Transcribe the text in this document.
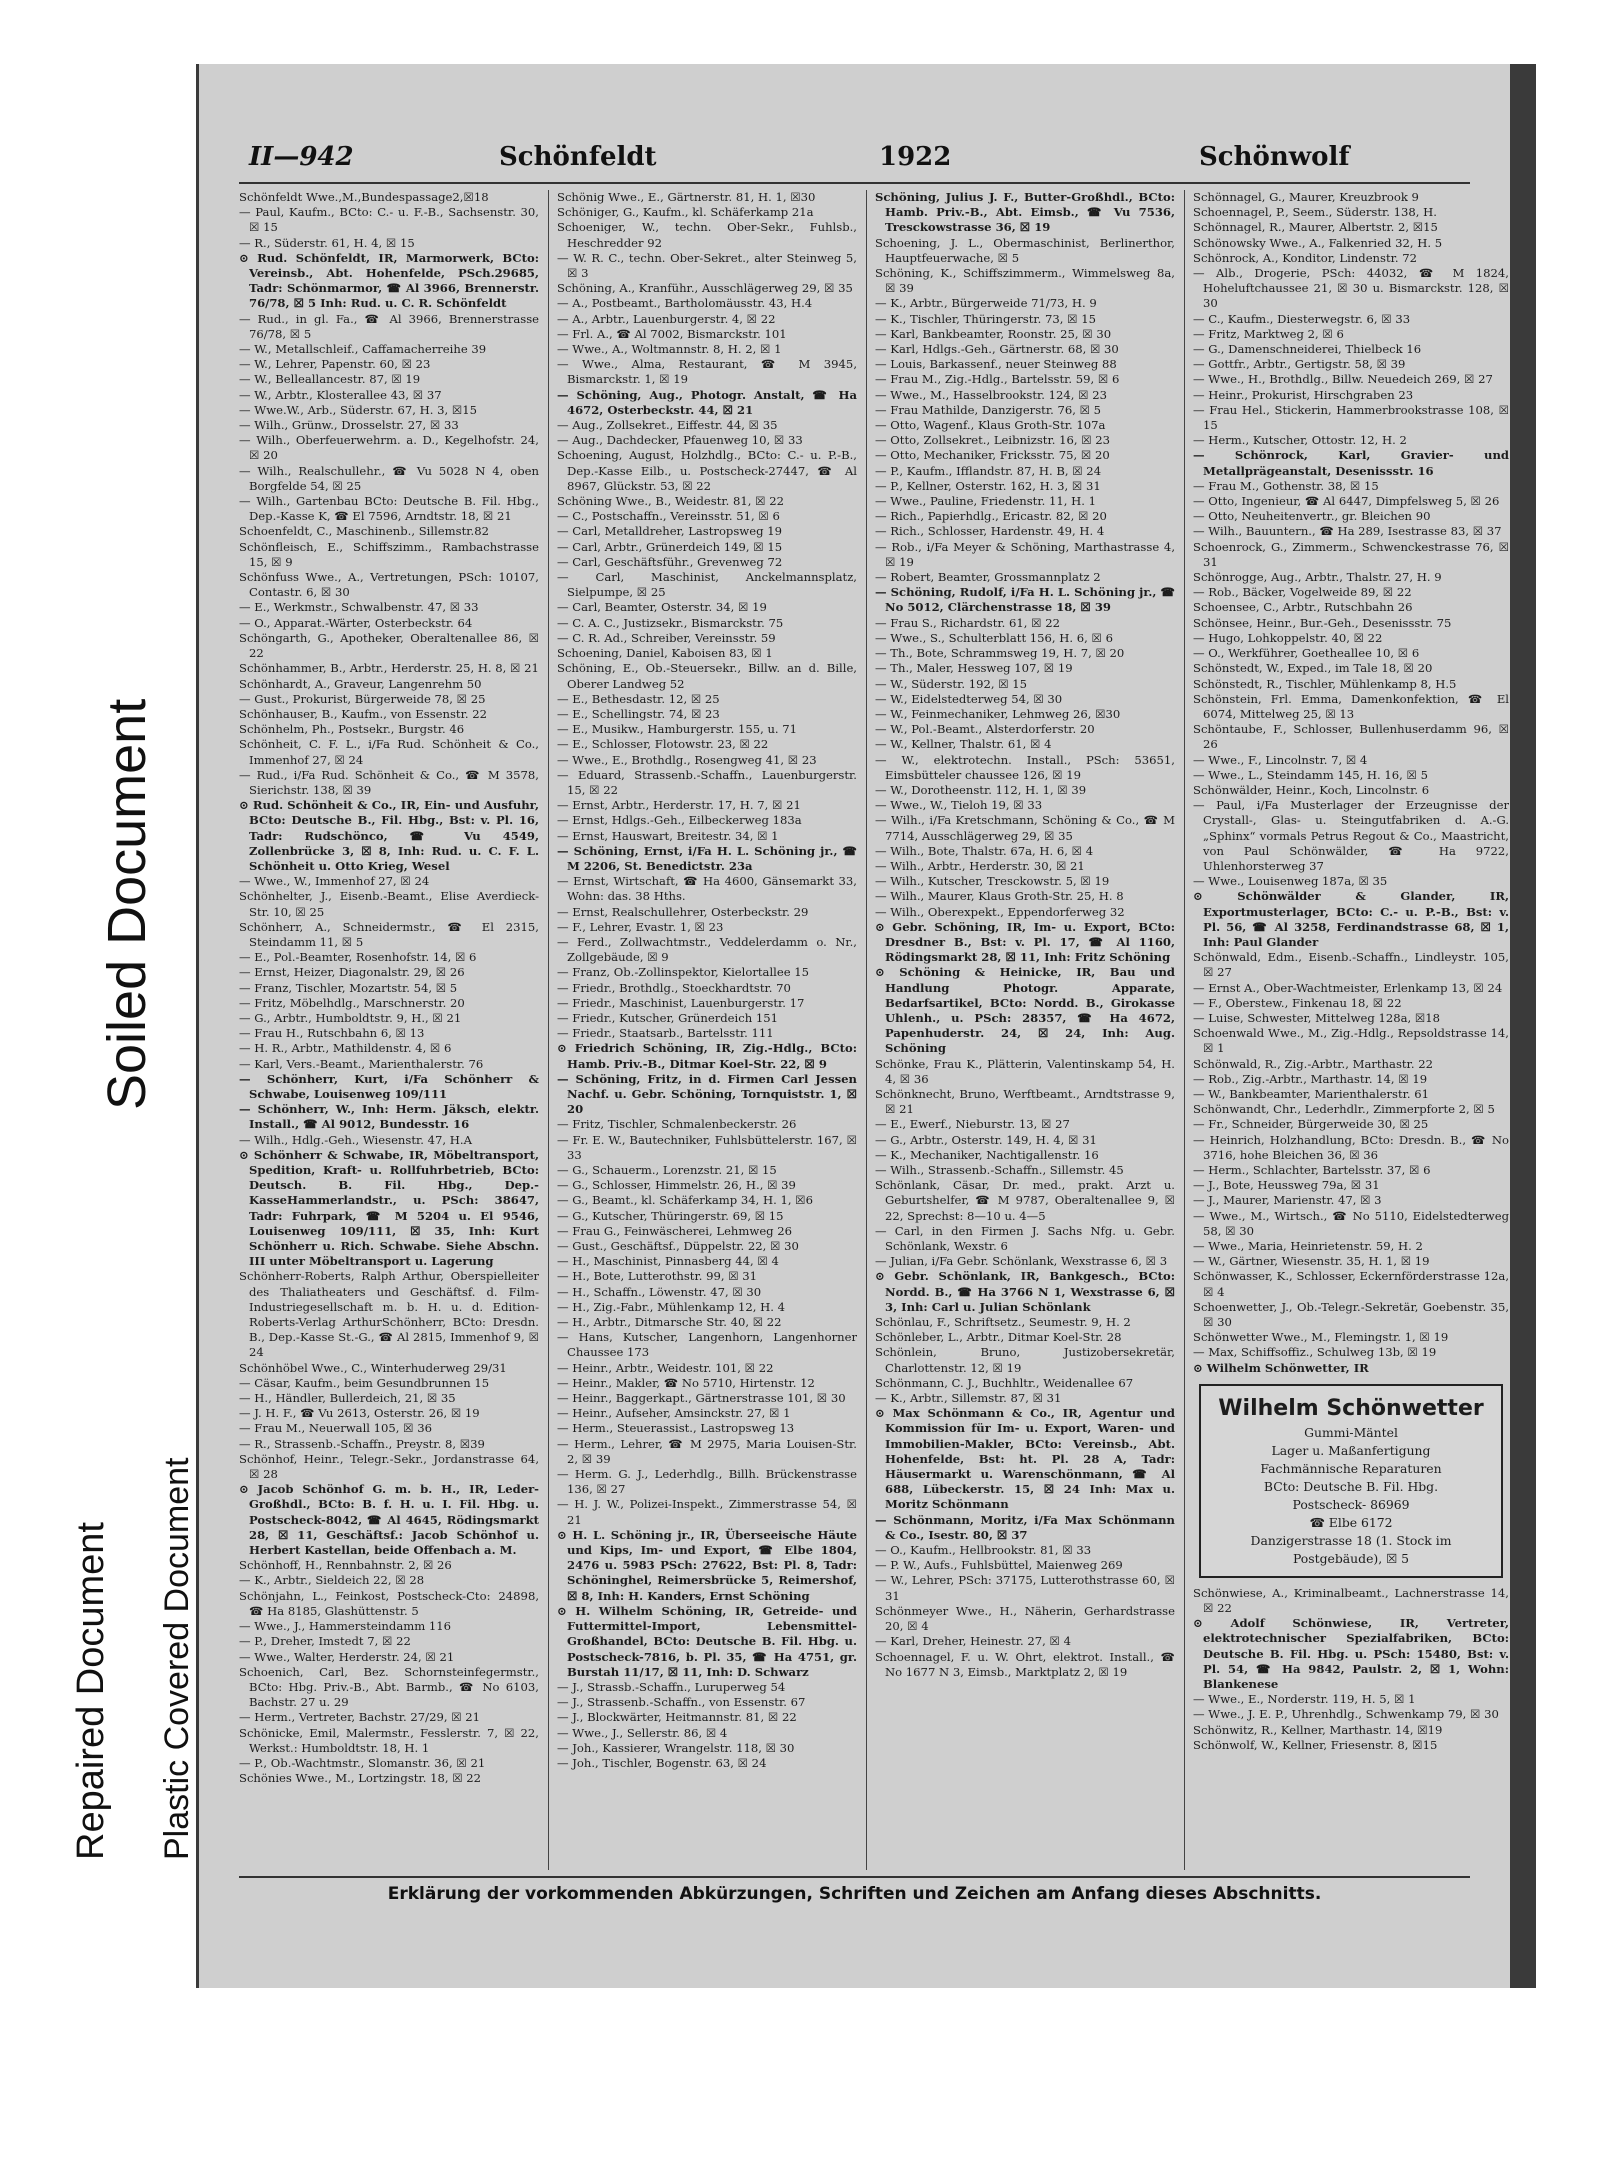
Soiled Document
Repaired Document Plastic Covered Document
II—942	Schönfeldt	1922	Schönwolf

Schönfeldt Wwe.,M.,Bundespassage2,☒18

— Paul, Kaufm., BCto: C.- u. F.-B., Sachsenstr. 30, ☒ 15

— R., Süderstr. 61, H. 4, ☒ 15

⊙ Rud. Schönfeldt, IR, Marmorwerk, BCto: Vereinsb., Abt. Hohenfelde, PSch.29685, Tadr: Schönmarmor, ☎ Al 3966, Brennerstr. 76/78, ☒ 5 Inh: Rud. u. C. R. Schönfeldt

— Rud., in gl. Fa., ☎ Al 3966, Brennerstrasse 76/78, ☒ 5

— W., Metallschleif., Caffamacherreihe 39

— W., Lehrer, Papenstr. 60, ☒ 23

— W., Belleallancestr. 87, ☒ 19

— W., Arbtr., Klosterallee 43, ☒ 37

— Wwe.W., Arb., Süderstr. 67, H. 3, ☒15

— Wilh., Grünw., Drosselstr. 27, ☒ 33

— Wilh., Oberfeuerwehrm. a. D., Kegelhofstr. 24, ☒ 20

— Wilh., Realschullehr., ☎ Vu 5028 N 4, oben Borgfelde 54, ☒ 25

— Wilh., Gartenbau BCto: Deutsche B. Fil. Hbg., Dep.-Kasse K, ☎ El 7596, Arndtstr. 18, ☒ 21

Schoenfeldt, C., Maschinenb., Sillemstr.82

Schönfleisch, E., Schiffszimm., Rambachstrasse 15, ☒ 9

Schönfuss Wwe., A., Vertretungen, PSch: 10107, Contastr. 6, ☒ 30

— E., Werkmstr., Schwalbenstr. 47, ☒ 33

— O., Apparat.-Wärter, Osterbeckstr. 64

Schöngarth, G., Apotheker, Oberaltenallee 86, ☒ 22

Schönhammer, B., Arbtr., Herderstr. 25, H. 8, ☒ 21

Schönhardt, A., Graveur, Langenrehm 50

— Gust., Prokurist, Bürgerweide 78, ☒ 25

Schönhauser, B., Kaufm., von Essenstr. 22

Schönhelm, Ph., Postsekr., Burgstr. 46

Schönheit, C. F. L., i/Fa Rud. Schönheit & Co., Immenhof 27, ☒ 24

— Rud., i/Fa Rud. Schönheit & Co., ☎ M 3578, Sierichstr. 138, ☒ 39

⊙ Rud. Schönheit & Co., IR, Ein- und Ausfuhr, BCto: Deutsche B., Fil. Hbg., Bst: v. Pl. 16, Tadr: Rudschönco, ☎ Vu 4549, Zollenbrücke 3, ☒ 8, Inh: Rud. u. C. F. L. Schönheit u. Otto Krieg, Wesel

— Wwe., W., Immenhof 27, ☒ 24

Schönhelter, J., Eisenb.-Beamt., Elise Averdieck-Str. 10, ☒ 25

Schönherr, A., Schneidermstr., ☎ El 2315, Steindamm 11, ☒ 5

— E., Pol.-Beamter, Rosenhofstr. 14, ☒ 6

— Ernst, Heizer, Diagonalstr. 29, ☒ 26

— Franz, Tischler, Mozartstr. 54, ☒ 5

— Fritz, Möbelhdlg., Marschnerstr. 20

— G., Arbtr., Humboldtstr. 9, H., ☒ 21

— Frau H., Rutschbahn 6, ☒ 13

— H. R., Arbtr., Mathildenstr. 4, ☒ 6

— Karl, Vers.-Beamt., Marienthalerstr. 76

— Schönherr, Kurt, i/Fa Schönherr & Schwabe, Louisenweg 109/111

— Schönherr, W., Inh: Herm. Jäksch, elektr. Install., ☎ Al 9012, Bundesstr. 16

— Wilh., Hdlg.-Geh., Wiesenstr. 47, H.A

⊙ Schönherr & Schwabe, IR, Möbeltransport, Spedition, Kraft- u. Rollfuhrbetrieb, BCto: Deutsch. B. Fil. Hbg., Dep.-KasseHammerlandstr., u. PSch: 38647, Tadr: Fuhrpark, ☎ M 5204 u. El 9546, Louisenweg 109/111, ☒ 35, Inh: Kurt Schönherr u. Rich. Schwabe. Siehe Abschn. III unter Möbeltransport u. Lagerung

Schönherr-Roberts, Ralph Arthur, Oberspielleiter des Thaliatheaters und Geschäftsf. d. Film-Industriegesellschaft m. b. H. u. d. Edition-Roberts-Verlag ArthurSchönherr, BCto: Dresdn. B., Dep.-Kasse St.-G., ☎ Al 2815, Immenhof 9, ☒ 24

Schönhöbel Wwe., C., Winterhuderweg 29/31

— Cäsar, Kaufm., beim Gesundbrunnen 15

— H., Händler, Bullerdeich, 21, ☒ 35

— J. H. F., ☎ Vu 2613, Osterstr. 26, ☒ 19

— Frau M., Neuerwall 105, ☒ 36

— R., Strassenb.-Schaffn., Preystr. 8, ☒39

Schönhof, Heinr., Telegr.-Sekr., Jordanstrasse 64, ☒ 28

⊙ Jacob Schönhof G. m. b. H., IR, Leder-Großhdl., BCto: B. f. H. u. I. Fil. Hbg. u. Postscheck-8042, ☎ Al 4645, Rödingsmarkt 28, ☒ 11, Geschäftsf.: Jacob Schönhof u. Herbert Kastellan, beide Offenbach a. M.

Schönhoff, H., Rennbahnstr. 2, ☒ 26

— K., Arbtr., Sieldeich 22, ☒ 28

Schönjahn, L., Feinkost, Postscheck-Cto: 24898, ☎ Ha 8185, Glashüttenstr. 5

— Wwe., J., Hammersteindamm 116

— P., Dreher, Imstedt 7, ☒ 22

— Wwe., Walter, Herderstr. 24, ☒ 21

Schoenich, Carl, Bez. Schornsteinfegermstr., BCto: Hbg. Priv.-B., Abt. Barmb., ☎ No 6103, Bachstr. 27 u. 29

— Herm., Vertreter, Bachstr. 27/29, ☒ 21

Schönicke, Emil, Malermstr., Fesslerstr. 7, ☒ 22, Werkst.: Humboldtstr. 18, H. 1

— P., Ob.-Wachtmstr., Slomanstr. 36, ☒ 21

Schönies Wwe., M., Lortzingstr. 18, ☒ 22

Schönig Wwe., E., Gärtnerstr. 81, H. 1, ☒30

Schöniger, G., Kaufm., kl. Schäferkamp 21a

Schoeniger, W., techn. Ober-Sekr., Fuhlsb., Heschredder 92

— W. R. C., techn. Ober-Sekret., alter Steinweg 5, ☒ 3

Schöning, A., Kranführ., Ausschlägerweg 29, ☒ 35

— A., Postbeamt., Bartholomäusstr. 43, H.4

— A., Arbtr., Lauenburgerstr. 4, ☒ 22

— Frl. A., ☎ Al 7002, Bismarckstr. 101

— Wwe., A., Woltmannstr. 8, H. 2, ☒ 1

— Wwe., Alma, Restaurant, ☎ M 3945, Bismarckstr. 1, ☒ 19

— Schöning, Aug., Photogr. Anstalt, ☎ Ha 4672, Osterbeckstr. 44, ☒ 21

— Aug., Zollsekret., Eiffestr. 44, ☒ 35

— Aug., Dachdecker, Pfauenweg 10, ☒ 33

Schoening, August, Holzhdlg., BCto: C.- u. P.-B., Dep.-Kasse Eilb., u. Postscheck-27447, ☎ Al 8967, Glückstr. 53, ☒ 22

Schöning Wwe., B., Weidestr. 81, ☒ 22

— C., Postschaffn., Vereinsstr. 51, ☒ 6

— Carl, Metalldreher, Lastropsweg 19

— Carl, Arbtr., Grünerdeich 149, ☒ 15

— Carl, Geschäftsführ., Grevenweg 72

— Carl, Maschinist, Anckelmannsplatz, Sielpumpe, ☒ 25

— Carl, Beamter, Osterstr. 34, ☒ 19

— C. A. C., Justizsekr., Bismarckstr. 75

— C. R. Ad., Schreiber, Vereinsstr. 59

Schoening, Daniel, Kaboisen 83, ☒ 1

Schöning, E., Ob.-Steuersekr., Billw. an d. Bille, Oberer Landweg 52

— E., Bethesdastr. 12, ☒ 25

— E., Schellingstr. 74, ☒ 23

— E., Musikw., Hamburgerstr. 155, u. 71

— E., Schlosser, Flotowstr. 23, ☒ 22

— Wwe., E., Brothdlg., Rosengweg 41, ☒ 23

— Eduard, Strassenb.-Schaffn., Lauenburgerstr. 15, ☒ 22

— Ernst, Arbtr., Herderstr. 17, H. 7, ☒ 21

— Ernst, Hdlgs.-Geh., Eilbeckerweg 183a

— Ernst, Hauswart, Breitestr. 34, ☒ 1

— Schöning, Ernst, i/Fa H. L. Schöning jr., ☎ M 2206, St. Benedictstr. 23a

— Ernst, Wirtschaft, ☎ Ha 4600, Gänsemarkt 33, Wohn: das. 38 Hths.

— Ernst, Realschullehrer, Osterbeckstr. 29

— F., Lehrer, Evastr. 1, ☒ 23

— Ferd., Zollwachtmstr., Veddelerdamm o. Nr., Zollgebäude, ☒ 9

— Franz, Ob.-Zollinspektor, Kielortallee 15

— Friedr., Brothdlg., Stoeckhardtstr. 70

— Friedr., Maschinist, Lauenburgerstr. 17

— Friedr., Kutscher, Grünerdeich 151

— Friedr., Staatsarb., Bartelsstr. 111

⊙ Friedrich Schöning, IR, Zig.-Hdlg., BCto: Hamb. Priv.-B., Ditmar Koel-Str. 22, ☒ 9

— Schöning, Fritz, in d. Firmen Carl Jessen Nachf. u. Gebr. Schöning, Tornquiststr. 1, ☒ 20

— Fritz, Tischler, Schmalenbeckerstr. 26

— Fr. E. W., Bautechniker, Fuhlsbüttelerstr. 167, ☒ 33

— G., Schauerm., Lorenzstr. 21, ☒ 15

— G., Schlosser, Himmelstr. 26, H., ☒ 39

— G., Beamt., kl. Schäferkamp 34, H. 1, ☒6

— G., Kutscher, Thüringerstr. 69, ☒ 15

— Frau G., Feinwäscherei, Lehmweg 26

— Gust., Geschäftsf., Düppelstr. 22, ☒ 30

— H., Maschinist, Pinnasberg 44, ☒ 4

— H., Bote, Lutterothstr. 99, ☒ 31

— H., Schaffn., Löwenstr. 47, ☒ 30

— H., Zig.-Fabr., Mühlenkamp 12, H. 4

— H., Arbtr., Ditmarsche Str. 40, ☒ 22

— Hans, Kutscher, Langenhorn, Langenhorner Chaussee 173

— Heinr., Arbtr., Weidestr. 101, ☒ 22

— Heinr., Makler, ☎ No 5710, Hirtenstr. 12

— Heinr., Baggerkapt., Gärtnerstrasse 101, ☒ 30

— Heinr., Aufseher, Amsinckstr. 27, ☒ 1

— Herm., Steuerassist., Lastropsweg 13

— Herm., Lehrer, ☎ M 2975, Maria Louisen-Str. 2, ☒ 39

— Herm. G. J., Lederhdlg., Billh. Brückenstrasse 136, ☒ 27

— H. J. W., Polizei-Inspekt., Zimmerstrasse 54, ☒ 21

⊙ H. L. Schöning jr., IR, Überseeische Häute und Kips, Im- und Export, ☎ Elbe 1804, 2476 u. 5983 PSch: 27622, Bst: Pl. 8, Tadr: Schöninghel, Reimersbrücke 5, Reimershof, ☒ 8, Inh: H. Kanders, Ernst Schöning

⊙ H. Wilhelm Schöning, IR, Getreide- und Futtermittel-Import, Lebensmittel-Großhandel, BCto: Deutsche B. Fil. Hbg. u. Postscheck-7816, b. Pl. 35, ☎ Ha 4751, gr. Burstah 11/17, ☒ 11, Inh: D. Schwarz

— J., Strassb.-Schaffn., Luruperweg 54

— J., Strassenb.-Schaffn., von Essenstr. 67

— J., Blockwärter, Heitmannstr. 81, ☒ 22

— Wwe., J., Sellerstr. 86, ☒ 4

— Joh., Kassierer, Wrangelstr. 118, ☒ 30

— Joh., Tischler, Bogenstr. 63, ☒ 24

Schöning, Julius J. F., Butter-Großhdl., BCto: Hamb. Priv.-B., Abt. Eimsb., ☎ Vu 7536, Tresckowstrasse 36, ☒ 19

Schoening, J. L., Obermaschinist, Berlinerthor, Hauptfeuerwache, ☒ 5

Schöning, K., Schiffszimmerm., Wimmelsweg 8a, ☒ 39

— K., Arbtr., Bürgerweide 71/73, H. 9

— K., Tischler, Thüringerstr. 73, ☒ 15

— Karl, Bankbeamter, Roonstr. 25, ☒ 30

— Karl, Hdlgs.-Geh., Gärtnerstr. 68, ☒ 30

— Louis, Barkassenf., neuer Steinweg 88

— Frau M., Zig.-Hdlg., Bartelsstr. 59, ☒ 6

— Wwe., M., Hasselbrookstr. 124, ☒ 23

— Frau Mathilde, Danzigerstr. 76, ☒ 5

— Otto, Wagenf., Klaus Groth-Str. 107a

— Otto, Zollsekret., Leibnizstr. 16, ☒ 23

— Otto, Mechaniker, Fricksstr. 75, ☒ 20

— P., Kaufm., Ifflandstr. 87, H. B, ☒ 24

— P., Kellner, Osterstr. 162, H. 3, ☒ 31

— Wwe., Pauline, Friedenstr. 11, H. 1

— Rich., Papierhdlg., Ericastr. 82, ☒ 20

— Rich., Schlosser, Hardenstr. 49, H. 4

— Rob., i/Fa Meyer & Schöning, Marthastrasse 4, ☒ 19

— Robert, Beamter, Grossmannplatz 2

— Schöning, Rudolf, i/Fa H. L. Schöning jr., ☎ No 5012, Clärchenstrasse 18, ☒ 39

— Frau S., Richardstr. 61, ☒ 22

— Wwe., S., Schulterblatt 156, H. 6, ☒ 6

— Th., Bote, Schrammsweg 19, H. 7, ☒ 20

— Th., Maler, Hessweg 107, ☒ 19

— W., Süderstr. 192, ☒ 15

— W., Eidelstedterweg 54, ☒ 30

— W., Feinmechaniker, Lehmweg 26, ☒30

— W., Pol.-Beamt., Alsterdorferstr. 20

— W., Kellner, Thalstr. 61, ☒ 4

— W., elektrotechn. Install., PSch: 53651, Eimsbütteler chaussee 126, ☒ 19

— W., Dorotheenstr. 112, H. 1, ☒ 39

— Wwe., W., Tieloh 19, ☒ 33

— Wilh., i/Fa Kretschmann, Schöning & Co., ☎ M 7714, Ausschlägerweg 29, ☒ 35

— Wilh., Bote, Thalstr. 67a, H. 6, ☒ 4

— Wilh., Arbtr., Herderstr. 30, ☒ 21

— Wilh., Kutscher, Tresckowstr. 5, ☒ 19

— Wilh., Maurer, Klaus Groth-Str. 25, H. 8

— Wilh., Oberexpekt., Eppendorferweg 32

⊙ Gebr. Schöning, IR, Im- u. Export, BCto: Dresdner B., Bst: v. Pl. 17, ☎ Al 1160, Rödingsmarkt 28, ☒ 11, Inh: Fritz Schöning

⊙ Schöning & Heinicke, IR, Bau und Handlung Photogr. Apparate, Bedarfsartikel, BCto: Nordd. B., Girokasse Uhlenh., u. PSch: 28357, ☎ Ha 4672, Papenhuderstr. 24, ☒ 24, Inh: Aug. Schöning

Schönke, Frau K., Plätterin, Valentinskamp 54, H. 4, ☒ 36

Schönknecht, Bruno, Werftbeamt., Arndtstrasse 9, ☒ 21

— E., Ewerf., Nieburstr. 13, ☒ 27

— G., Arbtr., Osterstr. 149, H. 4, ☒ 31

— K., Mechaniker, Nachtigallenstr. 16

— Wilh., Strassenb.-Schaffn., Sillemstr. 45

Schönlank, Cäsar, Dr. med., prakt. Arzt u. Geburtshelfer, ☎ M 9787, Oberaltenallee 9, ☒ 22, Sprechst: 8—10 u. 4—5

— Carl, in den Firmen J. Sachs Nfg. u. Gebr. Schönlank, Wexstr. 6

— Julian, i/Fa Gebr. Schönlank, Wexstrasse 6, ☒ 3

⊙ Gebr. Schönlank, IR, Bankgesch., BCto: Nordd. B., ☎ Ha 3766 N 1, Wexstrasse 6, ☒ 3, Inh: Carl u. Julian Schönlank

Schönlau, F., Schriftsetz., Seumestr. 9, H. 2

Schönleber, L., Arbtr., Ditmar Koel-Str. 28

Schönlein, Bruno, Justizobersekretär, Charlottenstr. 12, ☒ 19

Schönmann, C. J., Buchhltr., Weidenallee 67

— K., Arbtr., Sillemstr. 87, ☒ 31

⊙ Max Schönmann & Co., IR, Agentur und Kommission für Im- u. Export, Waren- und Immobilien-Makler, BCto: Vereinsb., Abt. Hohenfelde, Bst: ht. Pl. 28 A, Tadr: Häusermarkt u. Warenschönmann, ☎ Al 688, Lübeckerstr. 15, ☒ 24 Inh: Max u. Moritz Schönmann

— Schönmann, Moritz, i/Fa Max Schönmann & Co., Isestr. 80, ☒ 37

— O., Kaufm., Hellbrookstr. 81, ☒ 33

— P. W., Aufs., Fuhlsbüttel, Maienweg 269

— W., Lehrer, PSch: 37175, Lutterothstrasse 60, ☒ 31

Schönmeyer Wwe., H., Näherin, Gerhardstrasse 20, ☒ 4

— Karl, Dreher, Heinestr. 27, ☒ 4

Schoennagel, F. u. W. Ohrt, elektrot. Install., ☎ No 1677 N 3, Eimsb., Marktplatz 2, ☒ 19

Schönnagel, G., Maurer, Kreuzbrook 9

Schoennagel, P., Seem., Süderstr. 138, H.

Schönnagel, R., Maurer, Albertstr. 2, ☒15

Schönowsky Wwe., A., Falkenried 32, H. 5

Schönrock, A., Konditor, Lindenstr. 72

— Alb., Drogerie, PSch: 44032, ☎ M 1824, Hoheluftchaussee 21, ☒ 30 u. Bismarckstr. 128, ☒ 30

— C., Kaufm., Diesterwegstr. 6, ☒ 33

— Fritz, Marktweg 2, ☒ 6

— G., Damenschneiderei, Thielbeck 16

— Gottfr., Arbtr., Gertigstr. 58, ☒ 39

— Wwe., H., Brothdlg., Billw. Neuedeich 269, ☒ 27

— Heinr., Prokurist, Hirschgraben 23

— Frau Hel., Stickerin, Hammerbrookstrasse 108, ☒ 15

— Herm., Kutscher, Ottostr. 12, H. 2

— Schönrock, Karl, Gravier- und Metallprägeanstalt, Desenissstr. 16

— Frau M., Gothenstr. 38, ☒ 15

— Otto, Ingenieur, ☎ Al 6447, Dimpfelsweg 5, ☒ 26

— Otto, Neuheitenvertr., gr. Bleichen 90

— Wilh., Bauuntern., ☎ Ha 289, Isestrasse 83, ☒ 37

Schoenrock, G., Zimmerm., Schwenckestrasse 76, ☒ 31

Schönrogge, Aug., Arbtr., Thalstr. 27, H. 9

— Rob., Bäcker, Vogelweide 89, ☒ 22

Schoensee, C., Arbtr., Rutschbahn 26

Schönsee, Heinr., Bur.-Geh., Desenissstr. 75

— Hugo, Lohkoppelstr. 40, ☒ 22

— O., Werkführer, Goetheallee 10, ☒ 6

Schönstedt, W., Exped., im Tale 18, ☒ 20

Schönstedt, R., Tischler, Mühlenkamp 8, H.5

Schönstein, Frl. Emma, Damenkonfektion, ☎ El 6074, Mittelweg 25, ☒ 13

Schöntaube, F., Schlosser, Bullenhuserdamm 96, ☒ 26

— Wwe., F., Lincolnstr. 7, ☒ 4

— Wwe., L., Steindamm 145, H. 16, ☒ 5

Schönwälder, Heinr., Koch, Lincolnstr. 6

— Paul, i/Fa Musterlager der Erzeugnisse der Crystall-, Glas- u. Steingutfabriken d. A.-G. „Sphinx“ vormals Petrus Regout & Co., Maastricht, von Paul Schönwälder, ☎ Ha 9722, Uhlenhorsterweg 37

— Wwe., Louisenweg 187a, ☒ 35

⊙ Schönwälder & Glander, IR, Exportmusterlager, BCto: C.- u. P.-B., Bst: v. Pl. 56, ☎ Al 3258, Ferdinandstrasse 68, ☒ 1, Inh: Paul Glander

Schönwald, Edm., Eisenb.-Schaffn., Lindleystr. 105, ☒ 27

— Ernst A., Ober-Wachtmeister, Erlenkamp 13, ☒ 24

— F., Oberstew., Finkenau 18, ☒ 22

— Luise, Schwester, Mittelweg 128a, ☒18

Schoenwald Wwe., M., Zig.-Hdlg., Repsoldstrasse 14, ☒ 1

Schönwald, R., Zig.-Arbtr., Marthastr. 22

— Rob., Zig.-Arbtr., Marthastr. 14, ☒ 19

— W., Bankbeamter, Marienthalerstr. 61

Schönwandt, Chr., Lederhdlr., Zimmerpforte 2, ☒ 5

— Fr., Schneider, Bürgerweide 30, ☒ 25

— Heinrich, Holzhandlung, BCto: Dresdn. B., ☎ No 3716, hohe Bleichen 36, ☒ 36

— Herm., Schlachter, Bartelsstr. 37, ☒ 6

— J., Bote, Heussweg 79a, ☒ 31

— J., Maurer, Marienstr. 47, ☒ 3

— Wwe., M., Wirtsch., ☎ No 5110, Eidelstedterweg 58, ☒ 30

— Wwe., Maria, Heinrietenstr. 59, H. 2

— W., Gärtner, Wiesenstr. 35, H. 1, ☒ 19

Schönwasser, K., Schlosser, Eckernförderstrasse 12a, ☒ 4

Schoenwetter, J., Ob.-Telegr.-Sekretär, Goebenstr. 35, ☒ 30

Schönwetter Wwe., M., Flemingstr. 1, ☒ 19

— Max, Schiffsoffiz., Schulweg 13b, ☒ 19

⊙ Wilhelm Schönwetter, IR

Wilhelm Schönwetter
Gummi-Mäntel
Lager u. Maßanfertigung
Fachmännische Reparaturen
BCto: Deutsche B. Fil. Hbg.
Postscheck- 86969
☎ Elbe 6172
Danzigerstrasse 18 (1. Stock im Postgebäude), ☒ 5

Schönwiese, A., Kriminalbeamt., Lachnerstrasse 14, ☒ 22

⊙ Adolf Schönwiese, IR, Vertreter, elektrotechnischer Spezialfabriken, BCto: Deutsche B. Fil. Hbg. u. PSch: 15480, Bst: v. Pl. 54, ☎ Ha 9842, Paulstr. 2, ☒ 1, Wohn: Blankenese

— Wwe., E., Norderstr. 119, H. 5, ☒ 1

— Wwe., J. E. P., Uhrenhdlg., Schwenkamp 79, ☒ 30

Schönwitz, R., Kellner, Marthastr. 14, ☒19

Schönwolf, W., Kellner, Friesenstr. 8, ☒15

Erklärung der vorkommenden Abkürzungen, Schriften und Zeichen am Anfang dieses Abschnitts.
